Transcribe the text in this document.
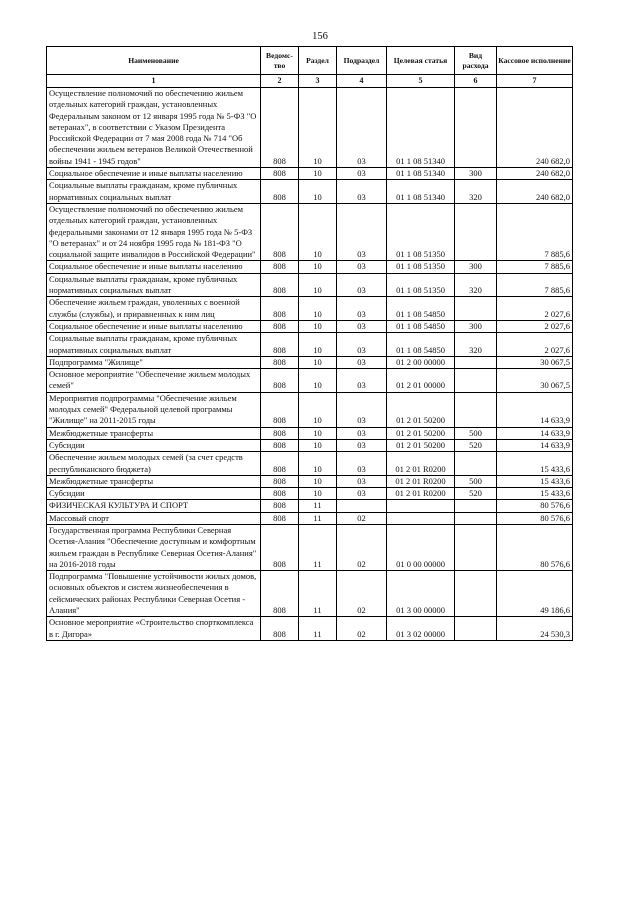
156
Наименование	Ведомс-тво	Раздел	Подраздел	Целевая статья	Вид расхода	Кассовое исполнение
1	2	3	4	5	6	7
Осуществление полномочий по обеспечению жильем отдельных категорий граждан, установленных Федеральным законом от 12 января 1995 года № 5-ФЗ "О ветеранах", в соответствии с Указом Президента Российской Федерации от 7 мая 2008 года № 714 "Об обеспечении жильем ветеранов Великой Отечественной войны 1941 - 1945 годов"	808	10	03	01 1 08 51340		240 682,0
Социальное обеспечение и иные выплаты населению	808	10	03	01 1 08 51340	300	240 682,0
Социальные выплаты гражданам, кроме публичных нормативных социальных выплат	808	10	03	01 1 08 51340	320	240 682,0
Осуществление полномочий по обеспечению жильем отдельных категорий граждан, установленных федеральными законами от 12 января 1995 года № 5-ФЗ "О ветеранах" и от 24 ноября 1995 года № 181-ФЗ "О социальной защите инвалидов в Российской Федерации"	808	10	03	01 1 08 51350		7 885,6
Социальное обеспечение и иные выплаты населению	808	10	03	01 1 08 51350	300	7 885,6
Социальные выплаты гражданам, кроме публичных нормативных социальных выплат	808	10	03	01 1 08 51350	320	7 885,6
Обеспечение жильем граждан, уволенных с военной службы (службы), и приравненных к ним лиц	808	10	03	01 1 08 54850		2 027,6
Социальное обеспечение и иные выплаты населению	808	10	03	01 1 08 54850	300	2 027,6
Социальные выплаты гражданам, кроме публичных нормативных социальных выплат	808	10	03	01 1 08 54850	320	2 027,6
Подпрограмма "Жилище"	808	10	03	01 2 00 00000		30 067,5
Основное мероприятие "Обеспечение жильем молодых семей"	808	10	03	01 2 01 00000		30 067,5
Мероприятия подпрограммы "Обеспечение жильем молодых семей" Федеральной целевой программы "Жилище" на 2011-2015 годы	808	10	03	01 2 01 50200		14 633,9
Межбюджетные трансферты	808	10	03	01 2 01 50200	500	14 633,9
Субсидии	808	10	03	01 2 01 50200	520	14 633,9
Обеспечение жильем молодых семей (за счет средств республиканского бюджета)	808	10	03	01 2 01 R0200		15 433,6
Межбюджетные трансферты	808	10	03	01 2 01 R0200	500	15 433,6
Субсидии	808	10	03	01 2 01 R0200	520	15 433,6
ФИЗИЧЕСКАЯ КУЛЬТУРА И СПОРТ	808	11				80 576,6
Массовый спорт	808	11	02			80 576,6
Государственная программа Республики Северная Осетия-Алания "Обеспечение доступным и комфортным жильем граждан в Республике Северная Осетия-Алания" на 2016-2018 годы	808	11	02	01 0 00 00000		80 576,6
Подпрограмма "Повышение устойчивости жилых домов, основных объектов и систем жизнеобеспечения в сейсмических районах Республики Северная Осетия - Алания"	808	11	02	01 3 00 00000		49 186,6
Основное мероприятие «Строительство спорткомплекса в г. Дигора»	808	11	02	01 3 02 00000		24 530,3
